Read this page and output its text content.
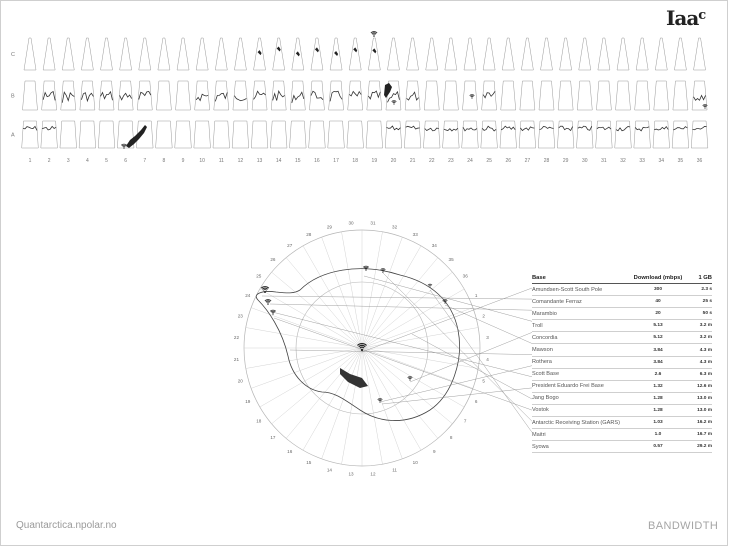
Iaa$^c$
C
B
A
1	2	3	4	5	6	7	8	9	10	11	12	13	14	15	16	17	18	19	20	21	22	23	24	25	26	27	28	29	30	31	32	33	34	35	36
31
32
33
34
35
36
1
2
3
4
5
6
7
8
9
10
11
12
13
14
15
16
17
18
19
20
21
22
23
24
25
26
27
28
29
30
Base	Download (mbps)	1 GB
Amundsen-Scott South Pole	300	2.3 s
Comandante Ferraz	40	25 s
Marambio	20	50 s
Troll	5.13	3.2 m
Concordia	5.12	3.2 m
Mawson	3.84	4.3 m
Rothera	3.84	4.3 m
Scott Base	2.6	6.3 m
President Eduardo Frei Base	1.32	12.6 m
Jang Bogo	1.28	13.0 m
Vostok	1.28	13.0 m
Antarctic Receiving Station (GARS)	1.03	16.2 m
Maitri	1.0	16.7 m
Syowa	0.57	29.2 m
Quantarctica.npolar.no	BANDWIDTH
